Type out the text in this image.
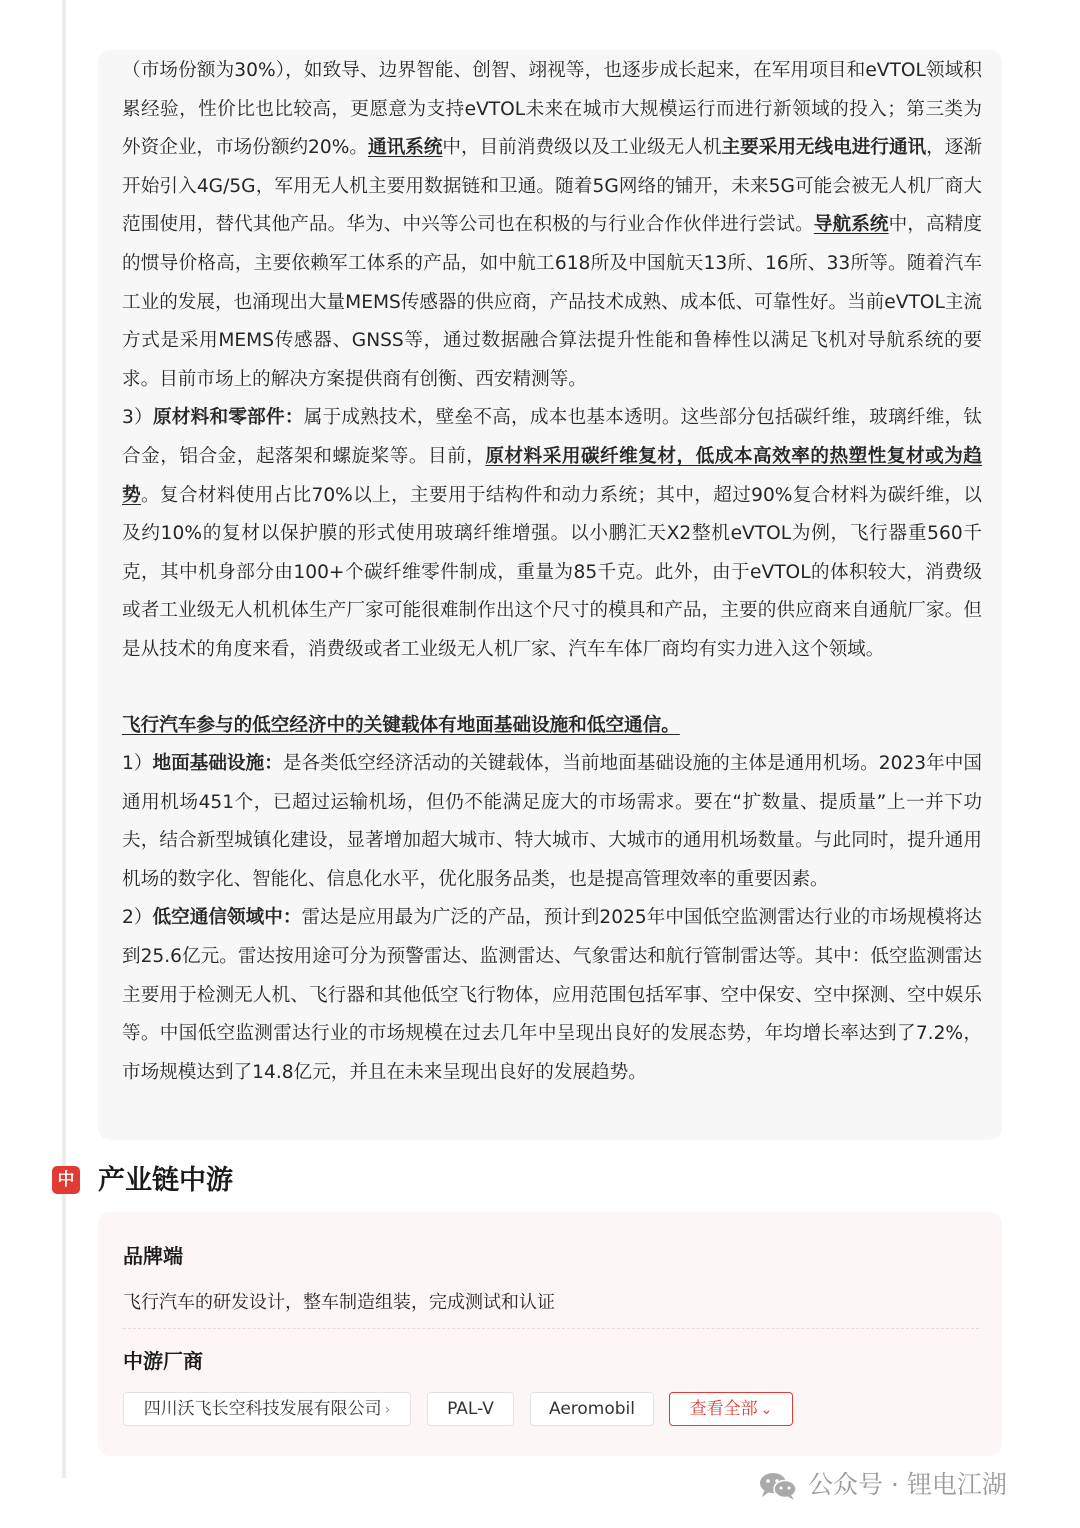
（市场份额为30%），如致导、边界智能、创智、翊视等，也逐步成长起来，在军用项目和eVTOL领域积累经验，性价比也比较高，更愿意为支持eVTOL未来在城市大规模运行而进行新领域的投入；第三类为外资企业，市场份额约20%。通讯系统中，目前消费级以及工业级无人机主要采用无线电进行通讯，逐渐开始引入4G/5G，军用无人机主要用数据链和卫通。随着5G网络的铺开，未来5G可能会被无人机厂商大范围使用，替代其他产品。华为、中兴等公司也在积极的与行业合作伙伴进行尝试。导航系统中，高精度的惯导价格高，主要依赖军工体系的产品，如中航工618所及中国航天13所、16所、33所等。随着汽车工业的发展，也涌现出大量MEMS传感器的供应商，产品技术成熟、成本低、可靠性好。当前eVTOL主流方式是采用MEMS传感器、GNSS等，通过数据融合算法提升性能和鲁棒性以满足飞机对导航系统的要求。目前市场上的解决方案提供商有创衡、西安精测等。

3）原材料和零部件：属于成熟技术，壁垒不高，成本也基本透明。这些部分包括碳纤维，玻璃纤维，钛合金，铝合金，起落架和螺旋桨等。目前，原材料采用碳纤维复材，低成本高效率的热塑性复材或为趋势。复合材料使用占比70%以上，主要用于结构件和动力系统；其中，超过90%复合材料为碳纤维，以及约10%的复材以保护膜的形式使用玻璃纤维增强。以小鹏汇天X2整机eVTOL为例，飞行器重560千克，其中机身部分由100+个碳纤维零件制成，重量为85千克。此外，由于eVTOL的体积较大，消费级或者工业级无人机机体生产厂家可能很难制作出这个尺寸的模具和产品，主要的供应商来自通航厂家。但是从技术的角度来看，消费级或者工业级无人机厂家、汽车车体厂商均有实力进入这个领域。

飞行汽车参与的低空经济中的关键载体有地面基础设施和低空通信。

1）地面基础设施：是各类低空经济活动的关键载体，当前地面基础设施的主体是通用机场。2023年中国通用机场451个，已超过运输机场，但仍不能满足庞大的市场需求。要在“扩数量、提质量”上一并下功夫，结合新型城镇化建设，显著增加超大城市、特大城市、大城市的通用机场数量。与此同时，提升通用机场的数字化、智能化、信息化水平，优化服务品类，也是提高管理效率的重要因素。

2）低空通信领域中：雷达是应用最为广泛的产品，预计到2025年中国低空监测雷达行业的市场规模将达到25.6亿元。雷达按用途可分为预警雷达、监测雷达、气象雷达和航行管制雷达等。其中：低空监测雷达主要用于检测无人机、飞行器和其他低空飞行物体，应用范围包括军事、空中保安、空中探测、空中娱乐等。中国低空监测雷达行业的市场规模在过去几年中呈现出良好的发展态势，年均增长率达到了7.2%，市场规模达到了14.8亿元，并且在未来呈现出良好的发展趋势。

中 产业链中游
品牌端
飞行汽车的研发设计，整车制造组装，完成测试和认证
中游厂商
四川沃飞长空科技发展有限公司 ›	PAL-V	Aeromobil	查看全部 ⌄
公众号 · 锂电江湖
